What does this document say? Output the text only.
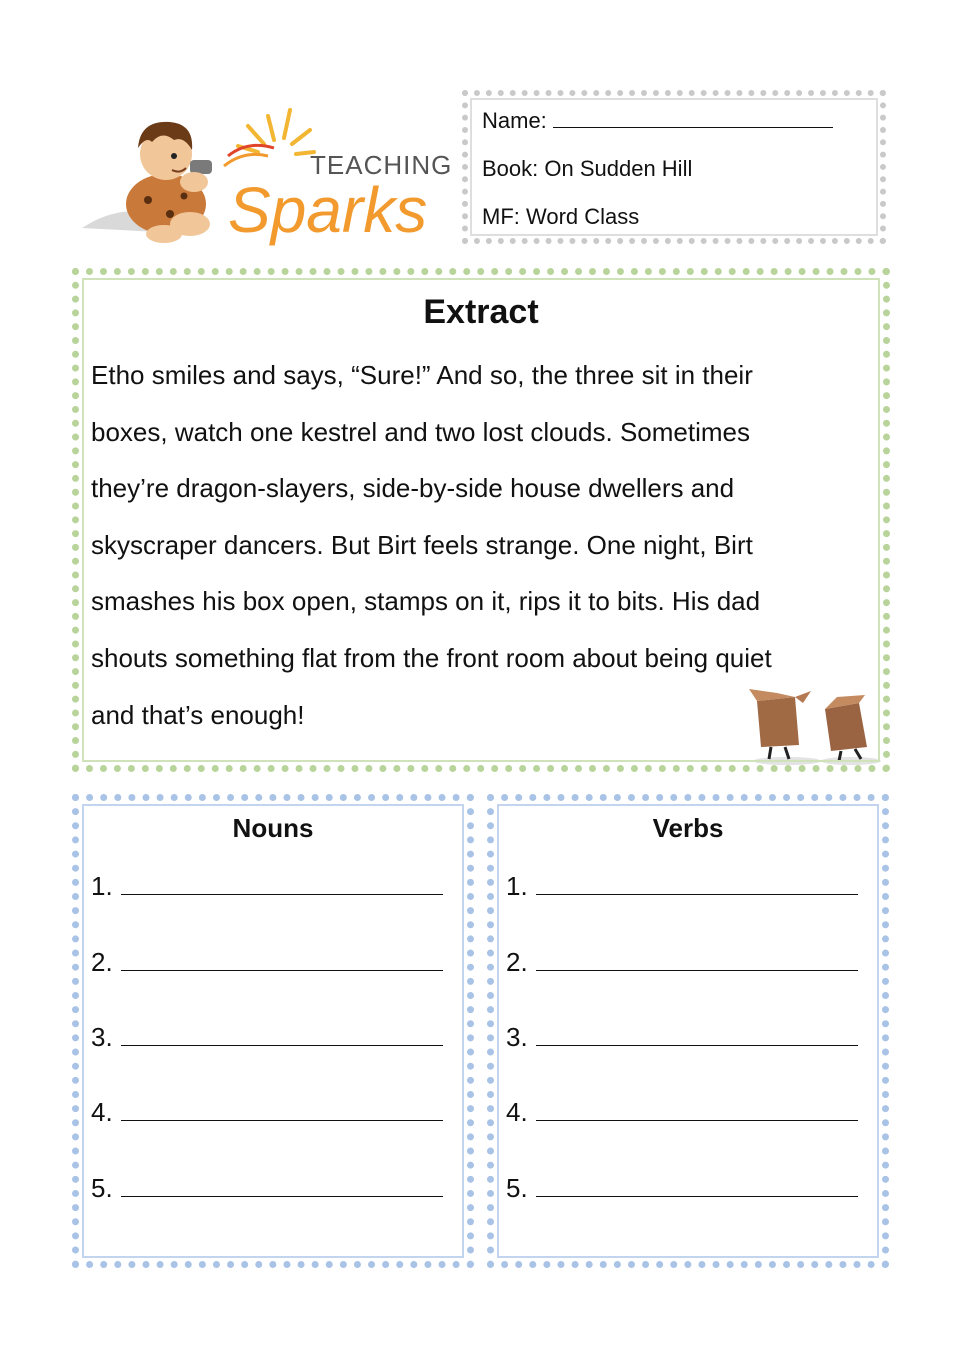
TEACHING
Sparks
Name:
Book: On Sudden Hill
MF: Word Class
Extract
Etho smiles and says, “Sure!” And so, the three sit in their
boxes, watch one kestrel and two lost clouds. Sometimes
they’re dragon-slayers, side-by-side house dwellers and
skyscraper dancers. But Birt feels strange. One night, Birt
smashes his box open, stamps on it, rips it to bits. His dad
shouts something flat from the front room about being quiet
and that’s enough!
Nouns
1.
2.
3.
4.
5.
Verbs
1.
2.
3.
4.
5.
